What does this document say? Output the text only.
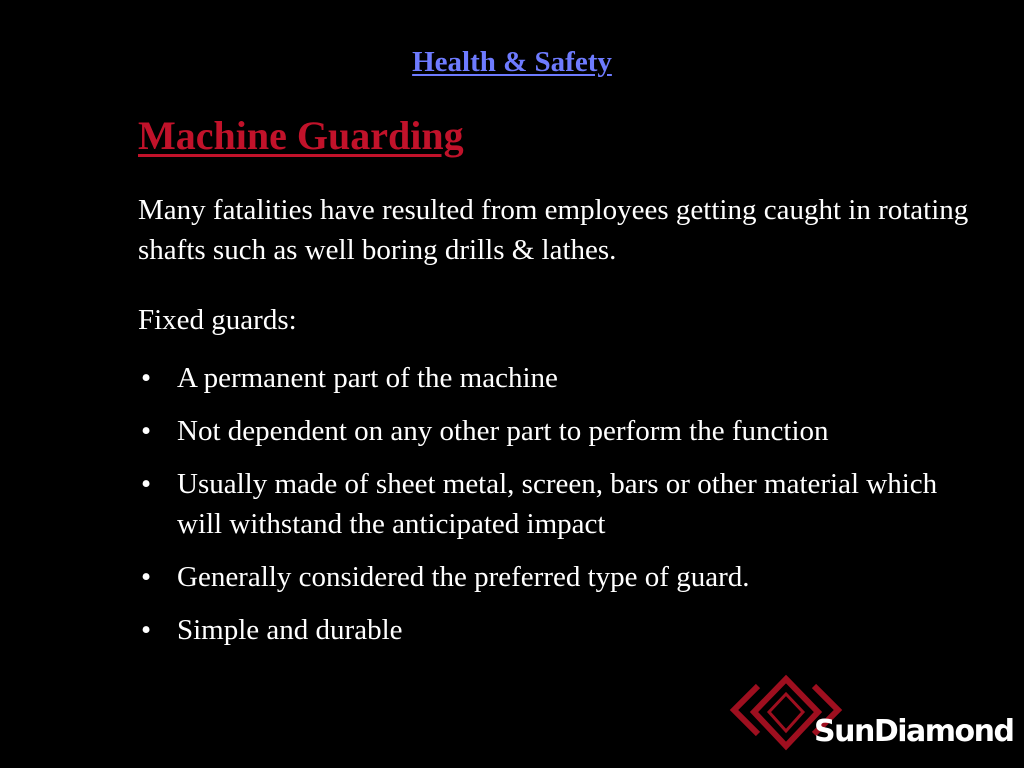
Health & Safety
Machine Guarding

Many fatalities have resulted from employees getting caught in rotating shafts such as well boring drills & lathes.

Fixed guards:

• A permanent part of the machine
• Not dependent on any other part to perform the function
• Usually made of sheet metal, screen, bars or other material which will withstand the anticipated impact
• Generally considered the preferred type of guard.
• Simple and durable
SunDiamond
